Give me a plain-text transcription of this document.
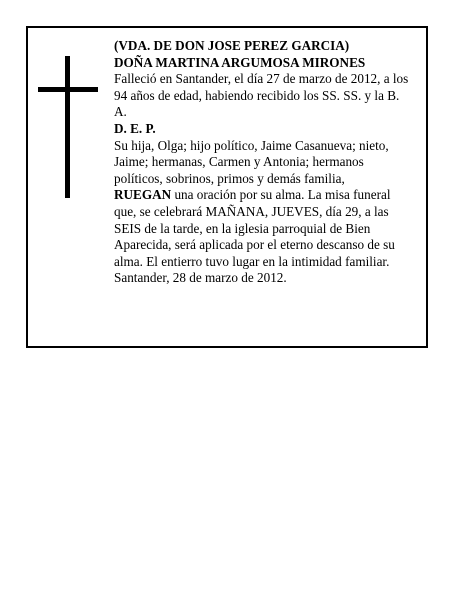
(VDA. DE DON JOSE PEREZ GARCIA)
DOÑA MARTINA ARGUMOSA MIRONES
Falleció en Santander, el día 27 de marzo de 2012, a los
94 años de edad, habiendo recibido los SS. SS. y la B.
A.
D. E. P.
Su hija, Olga; hijo político, Jaime Casanueva; nieto,
Jaime; hermanas, Carmen y Antonia; hermanos
políticos, sobrinos, primos y demás familia,
RUEGAN una oración por su alma. La misa funeral
que, se celebrará MAÑANA, JUEVES, día 29, a las
SEIS de la tarde, en la iglesia parroquial de Bien
Aparecida, será aplicada por el eterno descanso de su
alma. El entierro tuvo lugar en la intimidad familiar.
Santander, 28 de marzo de 2012.
